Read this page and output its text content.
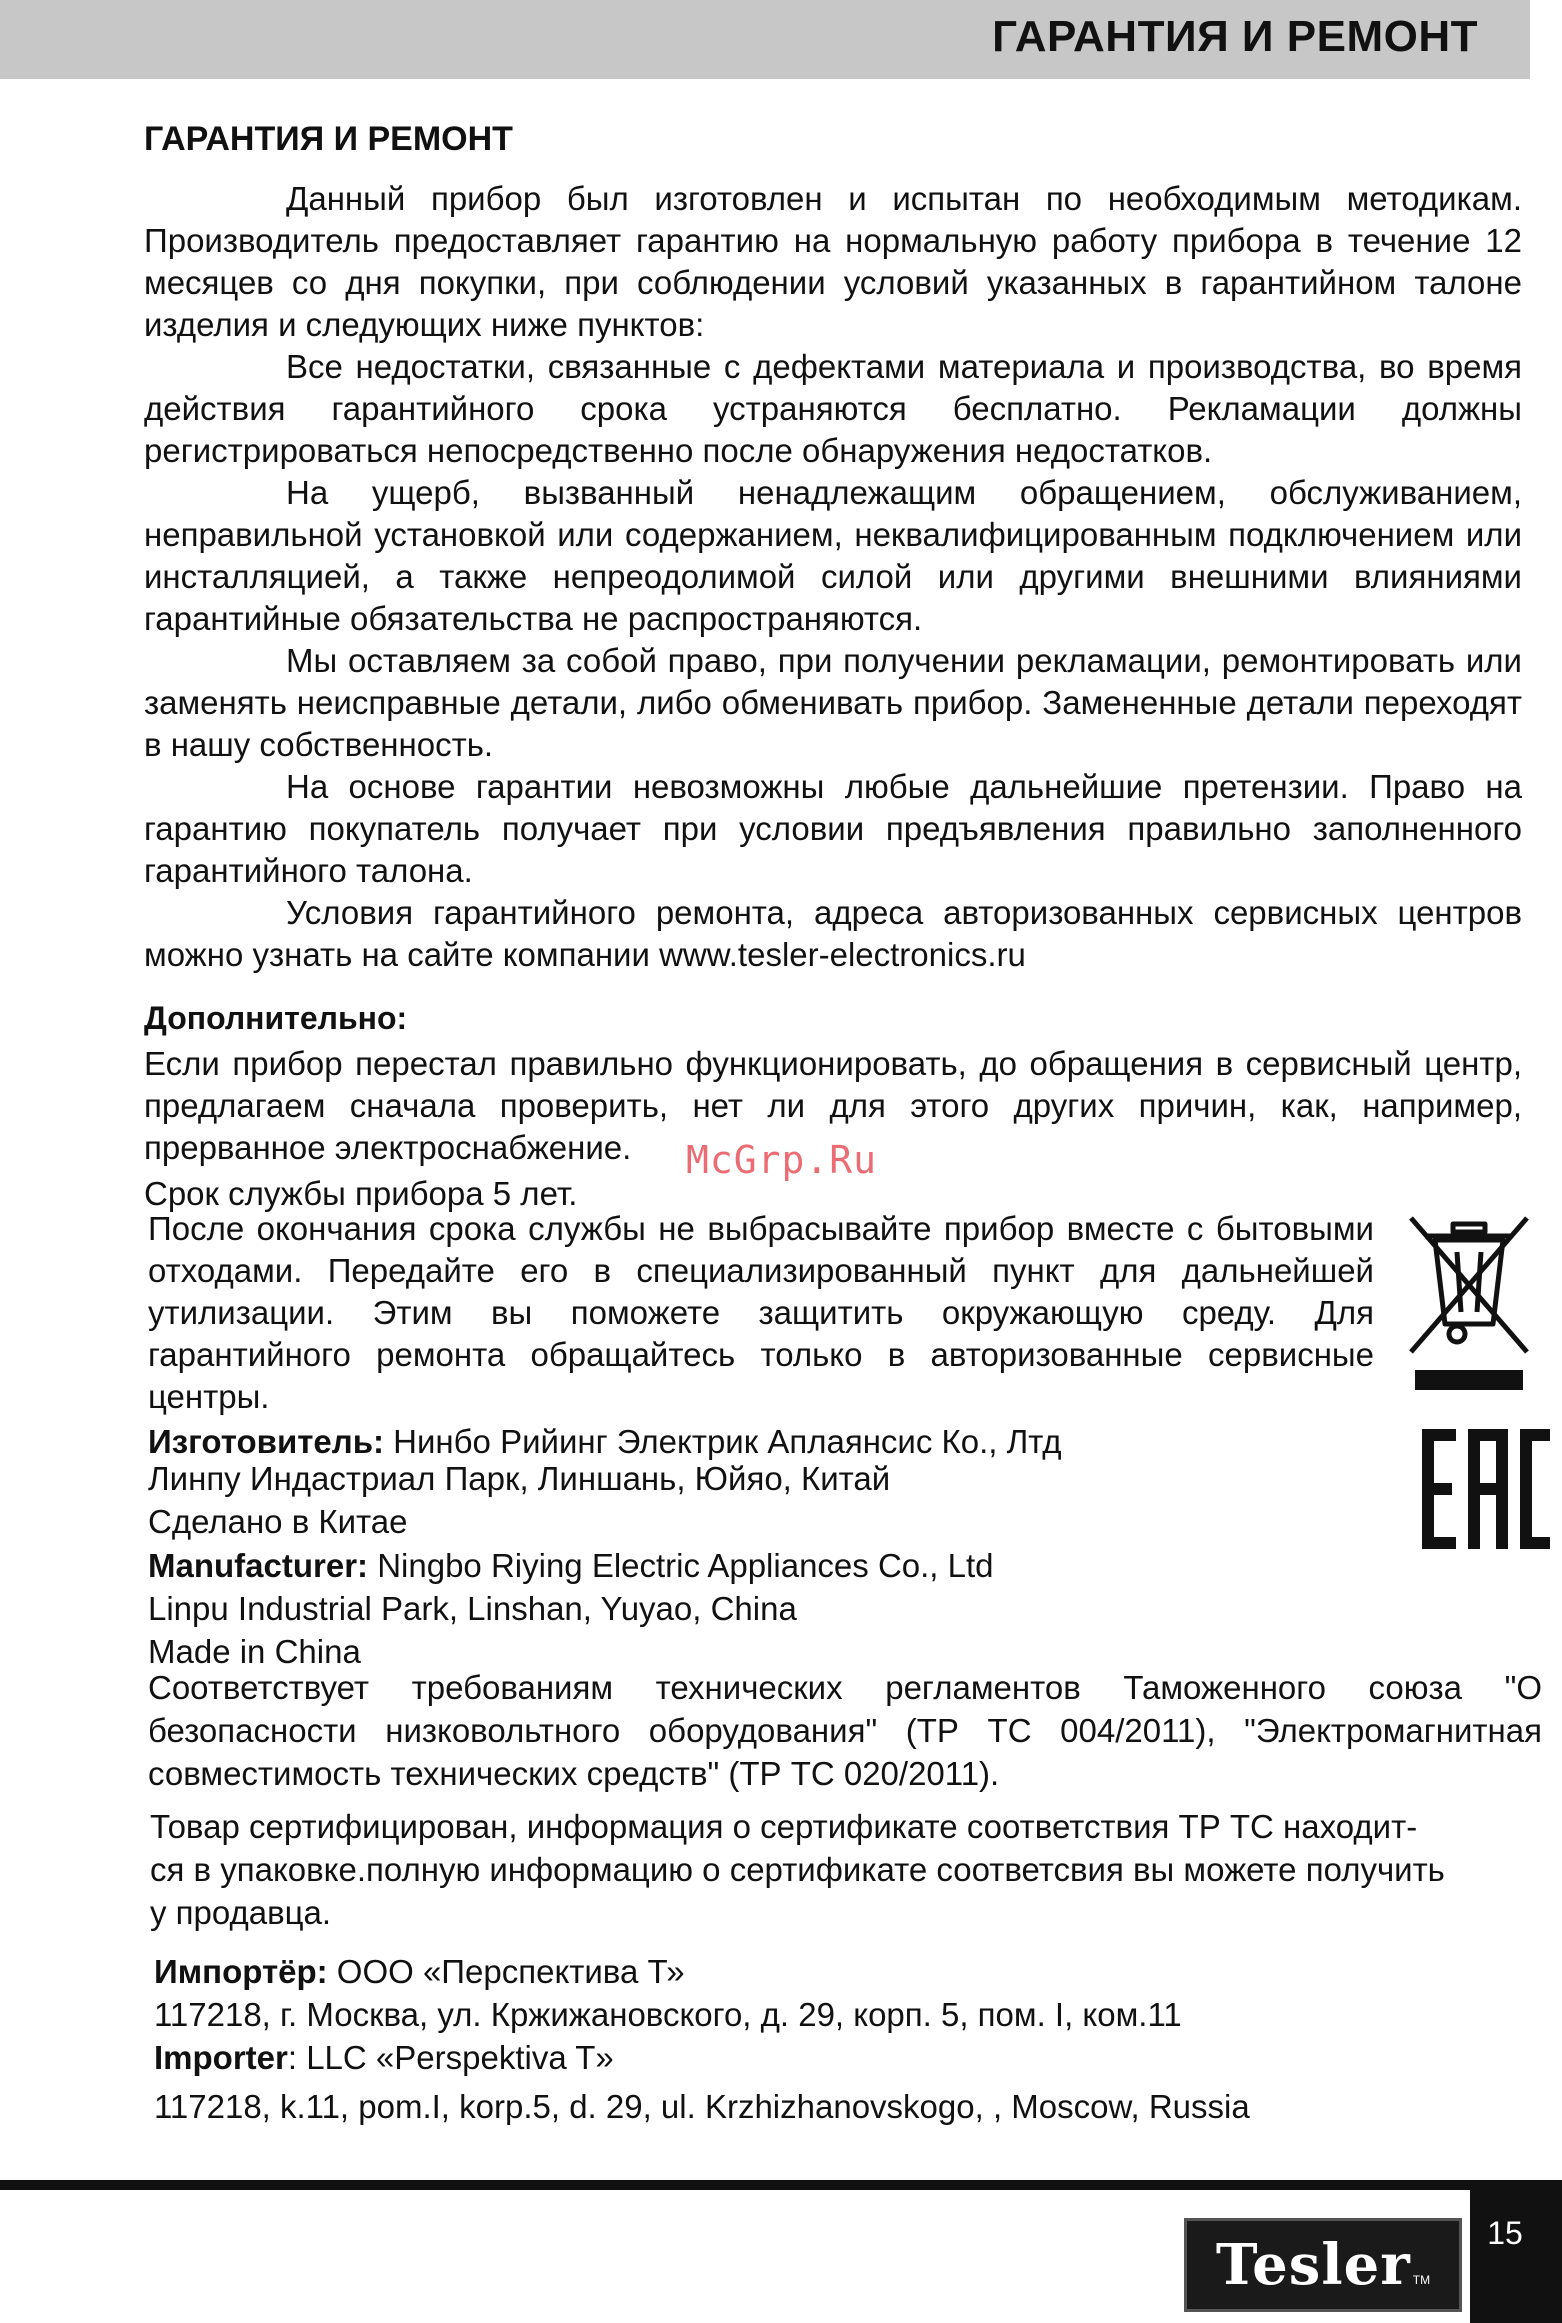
ГАРАНТИЯ И РЕМОНТ
ГАРАНТИЯ И РЕМОНТ

Данный прибор был изготовлен и испытан по необходимым методикам. Производитель предоставляет гарантию на нормальную работу прибора в течение 12 месяцев со дня покупки, при соблюдении условий указанных в гарантийном талоне изделия и следующих ниже пунктов:

Все недостатки, связанные с дефектами материала и производства, во время действия гарантийного срока устраняются бесплатно. Рекламации должны регистрироваться непосредственно после обнаружения недостатков.

На ущерб, вызванный ненадлежащим обращением, обслуживанием, неправильной установкой или содержанием, неквалифицированным подключением или инсталляцией, а также непреодолимой силой или другими внешними влияниями гарантийные обязательства не распространяются.

Мы оставляем за собой право, при получении рекламации, ремонтировать или заменять неисправные детали, либо обменивать прибор. Замененные детали переходят в нашу собственность.

На основе гарантии невозможны любые дальнейшие претензии. Право на гарантию покупатель получает при условии предъявления правильно заполненного гарантийного талона.

Условия гарантийного ремонта, адреса авторизованных сервисных центров можно узнать на сайте компании www.tesler-electronics.ru

Дополнительно:
Если прибор перестал правильно функционировать, до обращения в сервисный центр, предлагаем сначала проверить, нет ли для этого других причин, как, например, прерванное электроснабжение.
Срок службы прибора 5 лет.
McGrp.Ru
После окончания срока службы не выбрасывайте прибор вместе с бытовыми отходами. Передайте его в специализированный пункт для дальнейшей утилизации. Этим вы поможете защитить окружающую среду. Для гарантийного ремонта обращайтесь только в авторизованные сервисные центры.
Изготовитель: Нинбо Рийинг Электрик Аплаянсис Ко., Лтд
Линпу Индастриал Парк, Линшань, Юйяо, Китай
Сделано в Китае
Manufacturer: Ningbo Riying Electric Appliances Co., Ltd
Linpu Industrial Park, Linshan, Yuyao, China
Made in China
Соответствует требованиям технических регламентов Таможенного союза "О безопасности низковольтного оборудования" (ТР ТС 004/2011), "Электромагнитная совместимость технических средств" (ТР ТС 020/2011).
Товар сертифицирован, информация о сертификате соответствия ТР ТС находит-
ся в упаковке.полную информацию о сертификате соответсвия вы можете получить
у продавца.
Импортёр: ООО «Перспектива Т»
117218, г. Москва, ул. Кржижановского, д. 29, корп. 5, пом. I, ком.11
Importer: LLC «Perspektiva T»
117218, k.11, pom.I, korp.5, d. 29, ul. Krzhizhanovskogo, , Moscow, Russia
15
Tesler TM
